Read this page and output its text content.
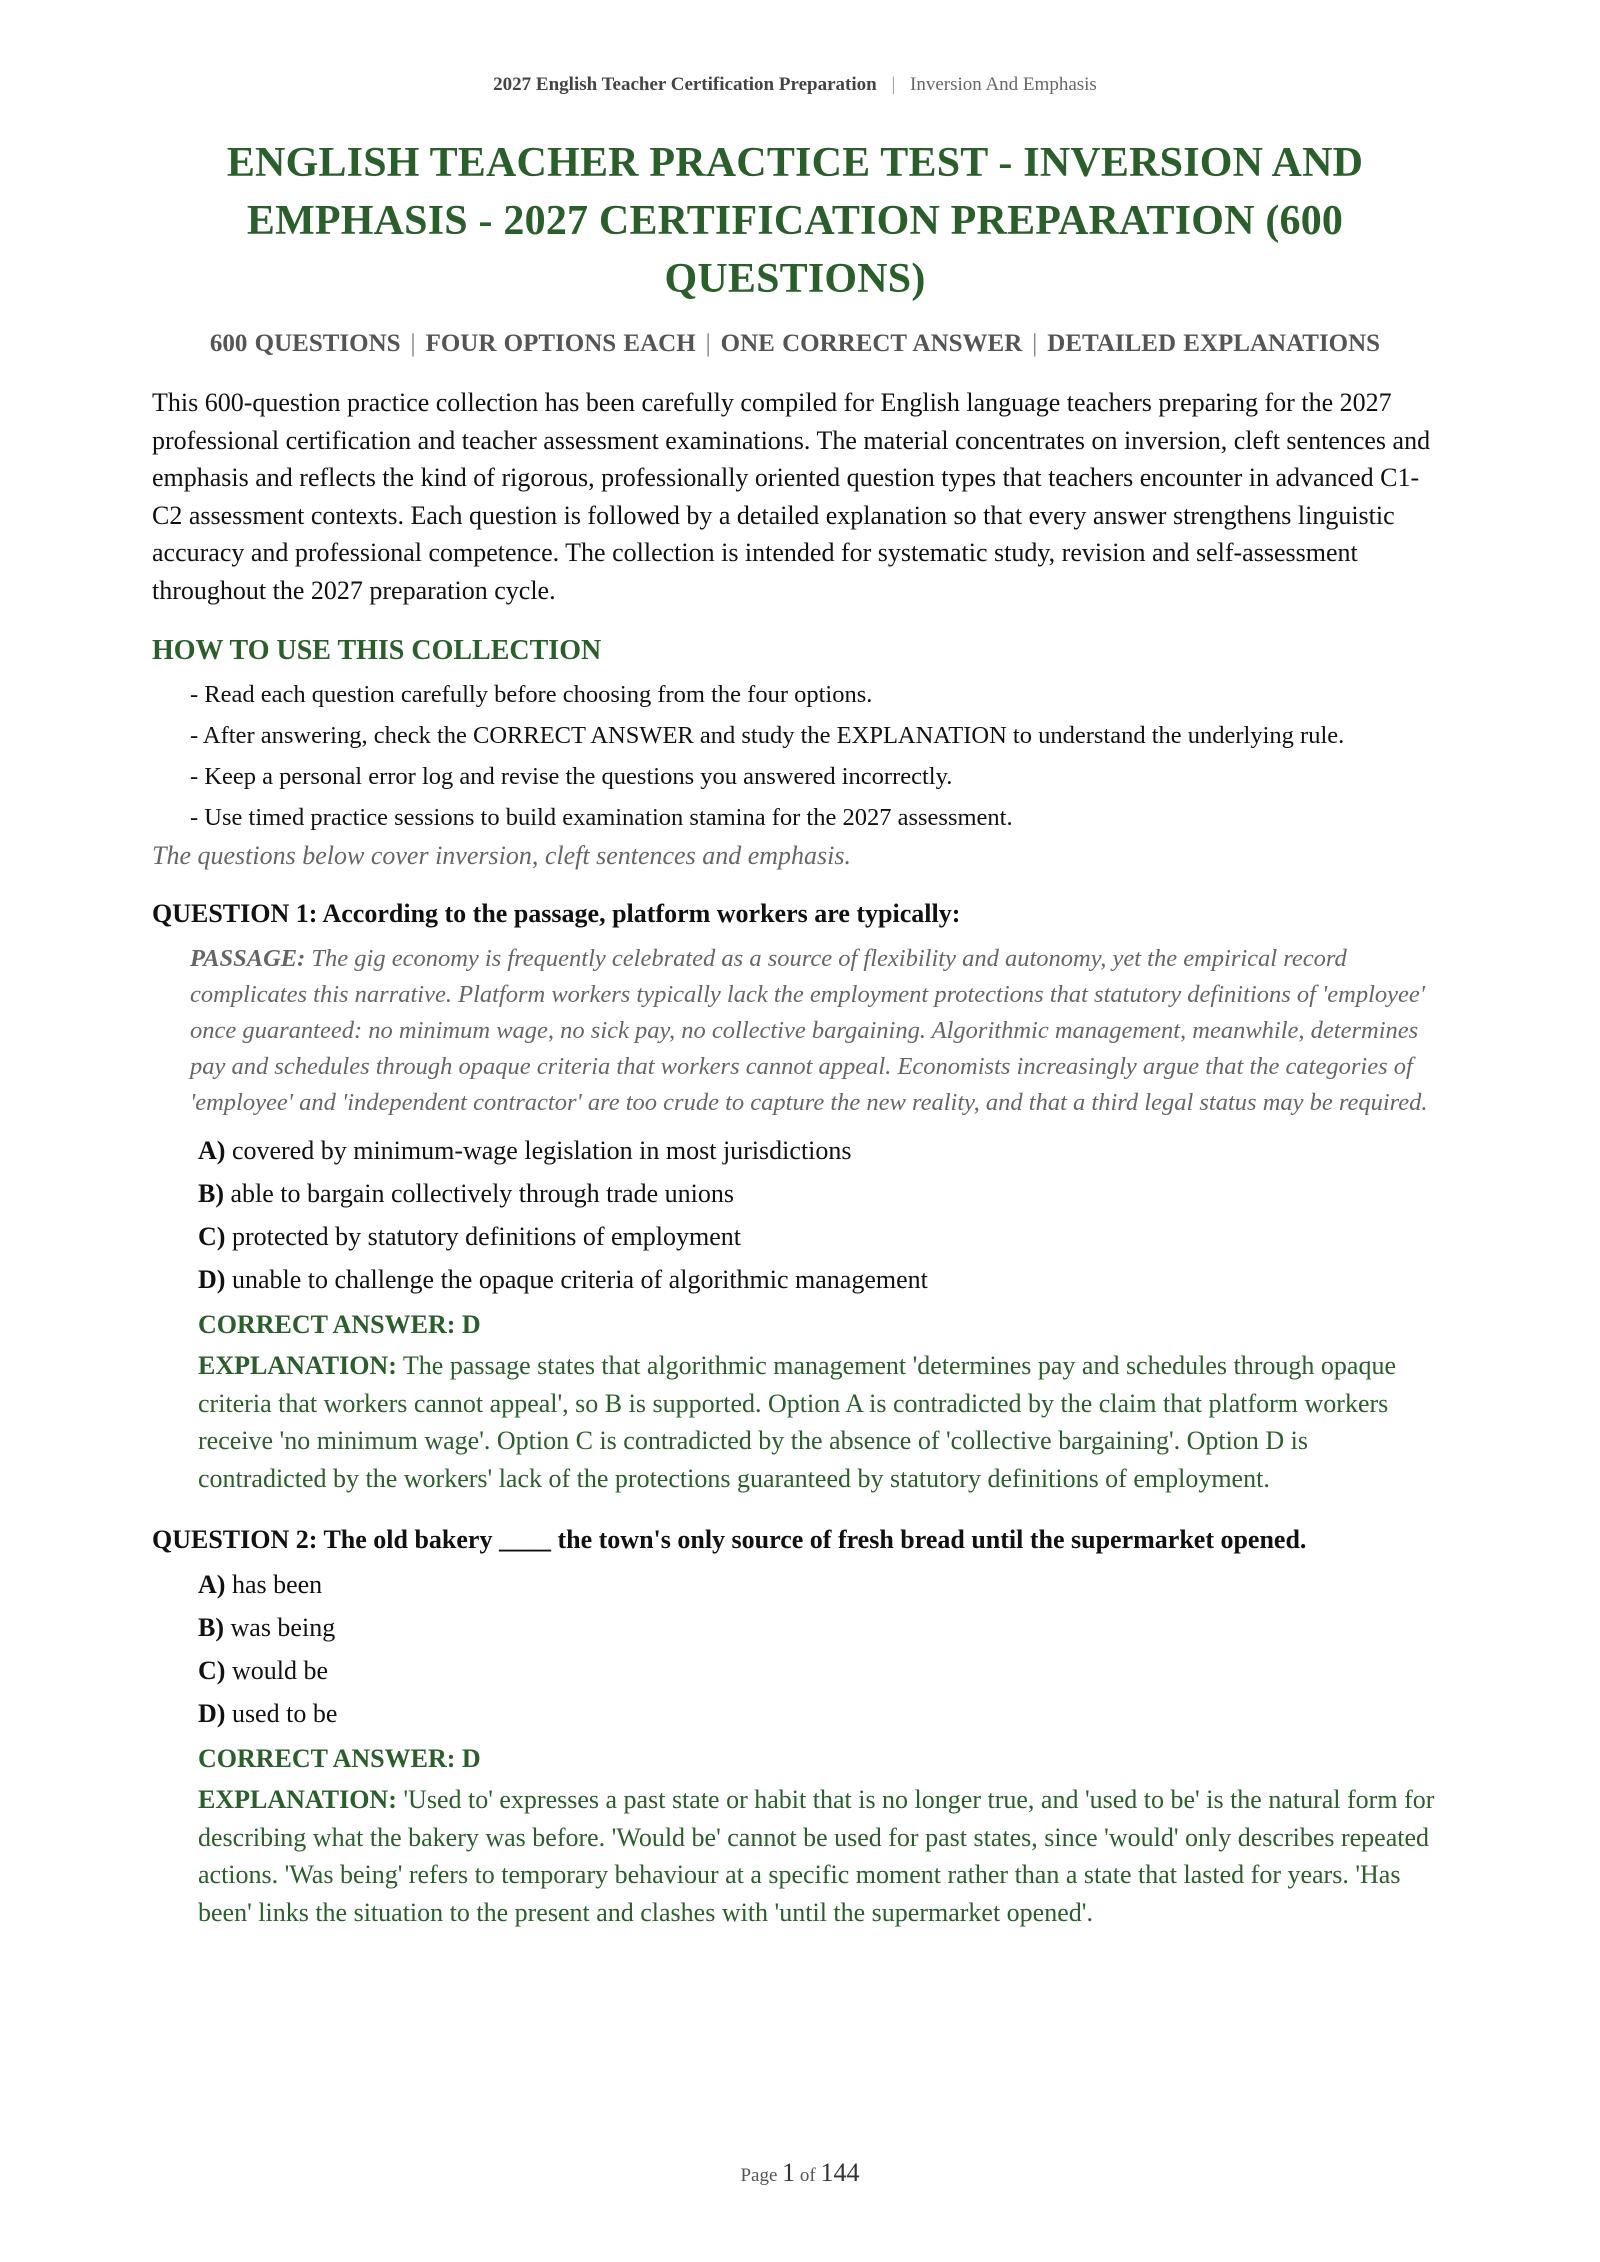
2027 English Teacher Certification Preparation | Inversion And Emphasis
ENGLISH TEACHER PRACTICE TEST - INVERSION AND EMPHASIS - 2027 CERTIFICATION PREPARATION (600 QUESTIONS)
600 QUESTIONS | FOUR OPTIONS EACH | ONE CORRECT ANSWER | DETAILED EXPLANATIONS

This 600-question practice collection has been carefully compiled for English language teachers preparing for the 2027 professional certification and teacher assessment examinations. The material concentrates on inversion, cleft sentences and emphasis and reflects the kind of rigorous, professionally oriented question types that teachers encounter in advanced C1-C2 assessment contexts. Each question is followed by a detailed explanation so that every answer strengthens linguistic accuracy and professional competence. The collection is intended for systematic study, revision and self-assessment throughout the 2027 preparation cycle.

HOW TO USE THIS COLLECTION
- Read each question carefully before choosing from the four options.
- After answering, check the CORRECT ANSWER and study the EXPLANATION to understand the underlying rule.
- Keep a personal error log and revise the questions you answered incorrectly.
- Use timed practice sessions to build examination stamina for the 2027 assessment.
The questions below cover inversion, cleft sentences and emphasis.
QUESTION 1: According to the passage, platform workers are typically:
PASSAGE: The gig economy is frequently celebrated as a source of flexibility and autonomy, yet the empirical record complicates this narrative. Platform workers typically lack the employment protections that statutory definitions of 'employee' once guaranteed: no minimum wage, no sick pay, no collective bargaining. Algorithmic management, meanwhile, determines pay and schedules through opaque criteria that workers cannot appeal. Economists increasingly argue that the categories of 'employee' and 'independent contractor' are too crude to capture the new reality, and that a third legal status may be required.
A) covered by minimum-wage legislation in most jurisdictions
B) able to bargain collectively through trade unions
C) protected by statutory definitions of employment
D) unable to challenge the opaque criteria of algorithmic management
CORRECT ANSWER: D
EXPLANATION: The passage states that algorithmic management 'determines pay and schedules through opaque criteria that workers cannot appeal', so B is supported. Option A is contradicted by the claim that platform workers receive 'no minimum wage'. Option C is contradicted by the absence of 'collective bargaining'. Option D is contradicted by the workers' lack of the protections guaranteed by statutory definitions of employment.
QUESTION 2: The old bakery ____ the town's only source of fresh bread until the supermarket opened.
A) has been
B) was being
C) would be
D) used to be
CORRECT ANSWER: D
EXPLANATION: 'Used to' expresses a past state or habit that is no longer true, and 'used to be' is the natural form for describing what the bakery was before. 'Would be' cannot be used for past states, since 'would' only describes repeated actions. 'Was being' refers to temporary behaviour at a specific moment rather than a state that lasted for years. 'Has been' links the situation to the present and clashes with 'until the supermarket opened'.
Page 1 of 144
